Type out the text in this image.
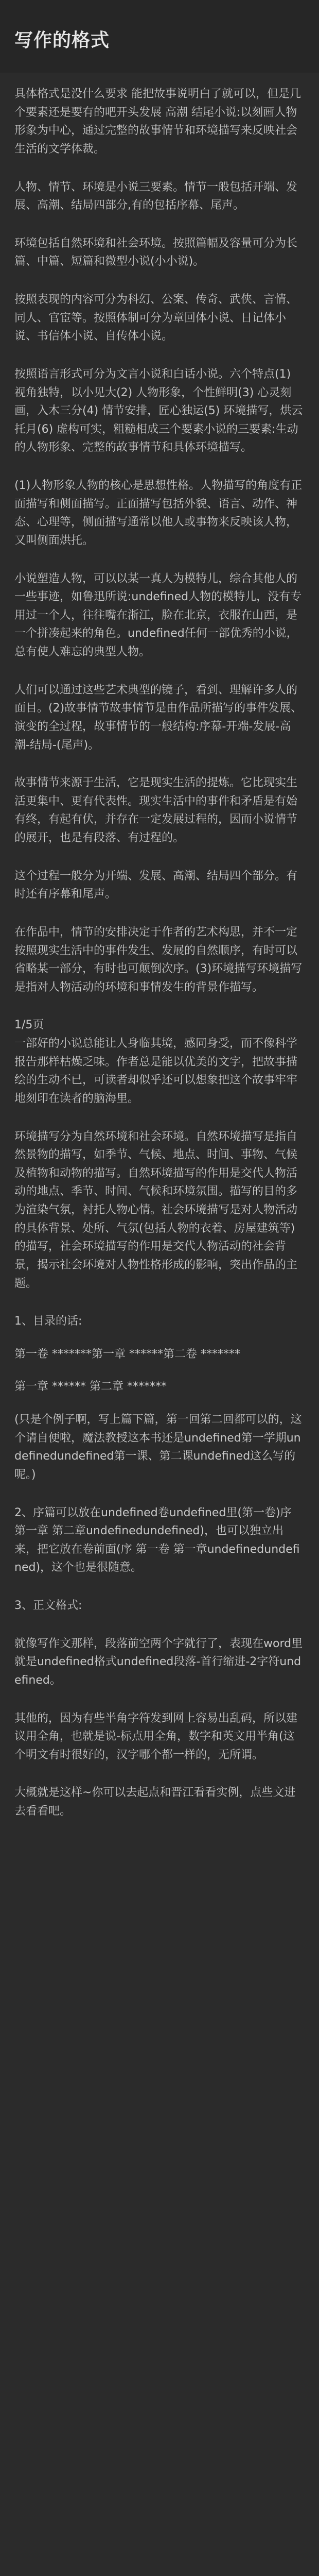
写作的格式

具体格式是没什么要求 能把故事说明白了就可以，但是几个要素还是要有的吧开头发展 高潮 结尾小说:以刻画人物形象为中心，通过完整的故事情节和环境描写来反映社会生活的文学体裁。

人物、情节、环境是小说三要素。情节一般包括开端、发展、高潮、结局四部分,有的包括序幕、尾声。

环境包括自然环境和社会环境。按照篇幅及容量可分为长篇、中篇、短篇和微型小说(小小说)。

按照表现的内容可分为科幻、公案、传奇、武侠、言情、同人、官宦等。按照体制可分为章回体小说、日记体小说、书信体小说、自传体小说。

按照语言形式可分为文言小说和白话小说。六个特点(1) 视角独特，以小见大(2) 人物形象，个性鲜明(3) 心灵刻画，入木三分(4) 情节安排，匠心独运(5) 环境描写，烘云托月(6) 虚构可实，粗糙相成三个要素小说的三要素:生动的人物形象、完整的故事情节和具体环境描写。

(1)人物形象人物的核心是思想性格。人物描写的角度有正面描写和侧面描写。正面描写包括外貌、语言、动作、神态、心理等，侧面描写通常以他人或事物来反映该人物，又叫侧面烘托。

小说塑造人物，可以以某一真人为模特儿，综合其他人的一些事迹，如鲁迅所说:undefined人物的模特儿，没有专用过一个人，往往嘴在浙江，脸在北京，衣服在山西，是一个拼凑起来的角色。undefined任何一部优秀的小说，总有使人难忘的典型人物。

人们可以通过这些艺术典型的镜子，看到、理解许多人的面目。(2)故事情节故事情节是由作品所描写的事件发展、演变的全过程，故事情节的一般结构:序幕-开端-发展-高潮-结局-(尾声)。

故事情节来源于生活，它是现实生活的提炼。它比现实生活更集中、更有代表性。现实生活中的事件和矛盾是有始有终，有起有伏，并存在一定发展过程的，因而小说情节的展开，也是有段落、有过程的。

这个过程一般分为开端、发展、高潮、结局四个部分。有时还有序幕和尾声。

在作品中，情节的安排决定于作者的艺术构思，并不一定按照现实生活中的事件发生、发展的自然顺序，有时可以省略某一部分，有时也可颠倒次序。(3)环境描写环境描写是指对人物活动的环境和事情发生的背景作描写。

1/5页
一部好的小说总能让人身临其境，感同身受，而不像科学报告那样枯燥乏味。作者总是能以优美的文字，把故事描绘的生动不已，可读者却似乎还可以想象把这个故事牢牢地刻印在读者的脑海里。

环境描写分为自然环境和社会环境。自然环境描写是指自然景物的描写，如季节、气候、地点、时间、事物、气候及植物和动物的描写。自然环境描写的作用是交代人物活动的地点、季节、时间、气候和环境氛围。描写的目的多为渲染气氛，衬托人物心情。社会环境描写是对人物活动的具体背景、处所、气氛(包括人物的衣着、房屋建筑等)的描写，社会环境描写的作用是交代人物活动的社会背景，揭示社会环境对人物性格形成的影响，突出作品的主题。

1、目录的话:

第一卷 *******第一章 ******第二卷 *******

第一章 ****** 第二章 *******

(只是个例子啊，写上篇下篇，第一回第二回都可以的，这个请自便啦，魔法教授这本书还是undefined第一学期undefinedundefined第一课、第二课undefined这么写的呢。)

2、序篇可以放在undefined卷undefined里(第一卷)序 第一章 第二章undefinedundefined)，也可以独立出来，把它放在卷前面(序 第一卷 第一章undefinedundefined)，这个也是很随意。

3、正文格式:

就像写作文那样，段落前空两个字就行了，表现在word里就是undefined格式undefined段落-首行缩进-2字符undefined。

其他的，因为有些半角字符发到网上容易出乱码，所以建议用全角，也就是说-标点用全角，数字和英文用半角(这个明文有时很好的，汉字哪个都一样的，无所谓。

大概就是这样~你可以去起点和晋江看看实例，点些文进去看看吧。
